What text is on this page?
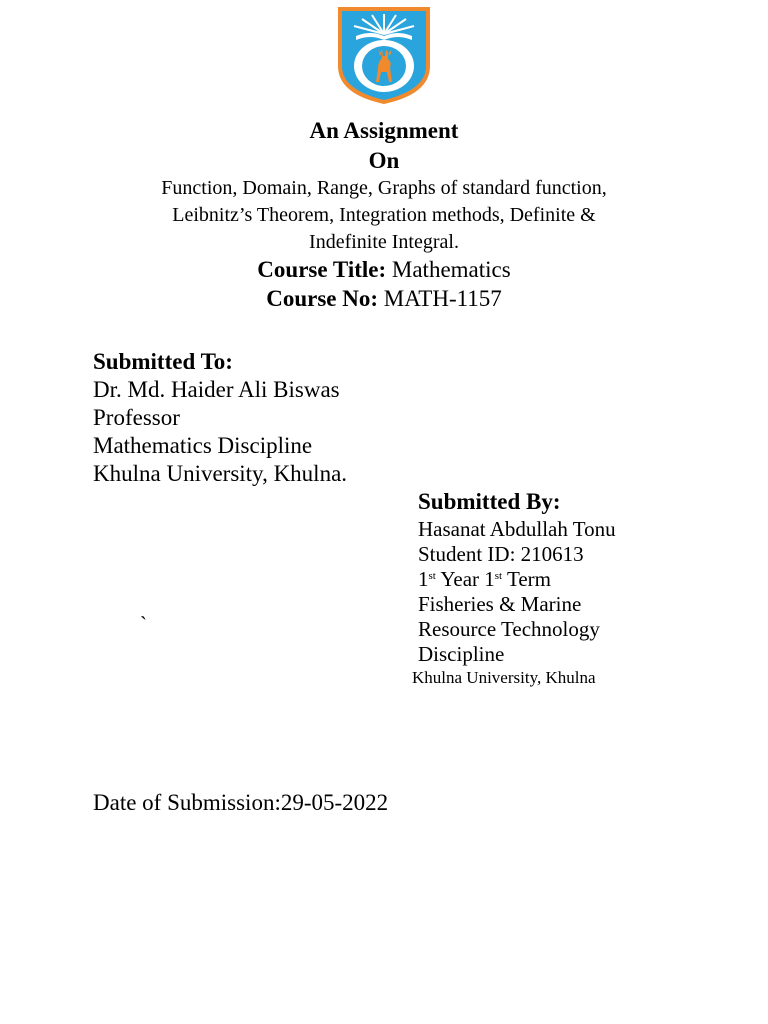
An Assignment
On
Function, Domain, Range, Graphs of standard function,
Leibnitz’s Theorem, Integration methods, Definite &
Indefinite Integral.
Course Title: Mathematics
Course No: MATH-1157
Submitted To:
Dr. Md. Haider Ali Biswas
Professor
Mathematics Discipline
Khulna University, Khulna.
Submitted By:
Hasanat Abdullah Tonu
Student ID: 210613
1st Year 1st Term
Fisheries & Marine
Resource Technology
Discipline
Khulna University, Khulna
`
Date of Submission:29-05-2022
